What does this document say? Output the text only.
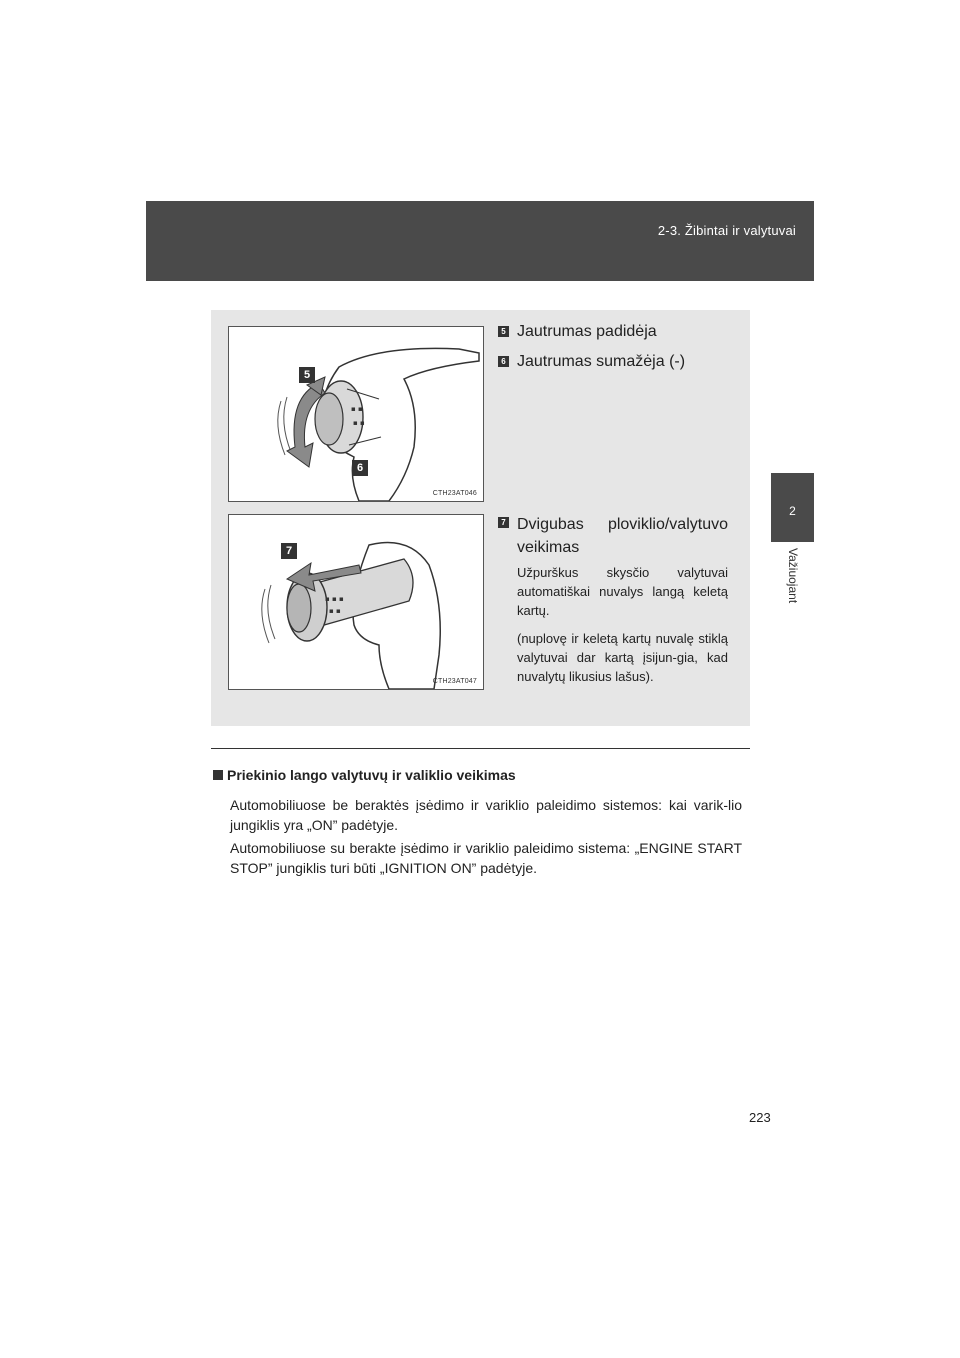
2-3. Žibintai ir valytuvai
2
Važiuojant
▪ ▪
▪ ▪
5
6
CTH23AT046
▪ ▪ ▪
▪ ▪
7
CTH23AT047
5 Jautrumas padidėja
6 Jautrumas sumažėja (-)
7 Dvigubas ploviklio/valytuvo veikimas

Užpurškus skysčio valytuvai automatiškai nuvalys langą keletą kartų.

(nuplovę ir keletą kartų nuvalę stiklą valytuvai dar kartą įsijun-gia, kad nuvalytų likusius lašus).

Priekinio lango valytuvų ir valiklio veikimas

Automobiliuose be beraktės įsėdimo ir variklio paleidimo sistemos: kai varik-lio jungiklis yra „ON” padėtyje.

Automobiliuose su berakte įsėdimo ir variklio paleidimo sistema: „ENGINE START STOP” jungiklis turi būti „IGNITION ON” padėtyje.

223
